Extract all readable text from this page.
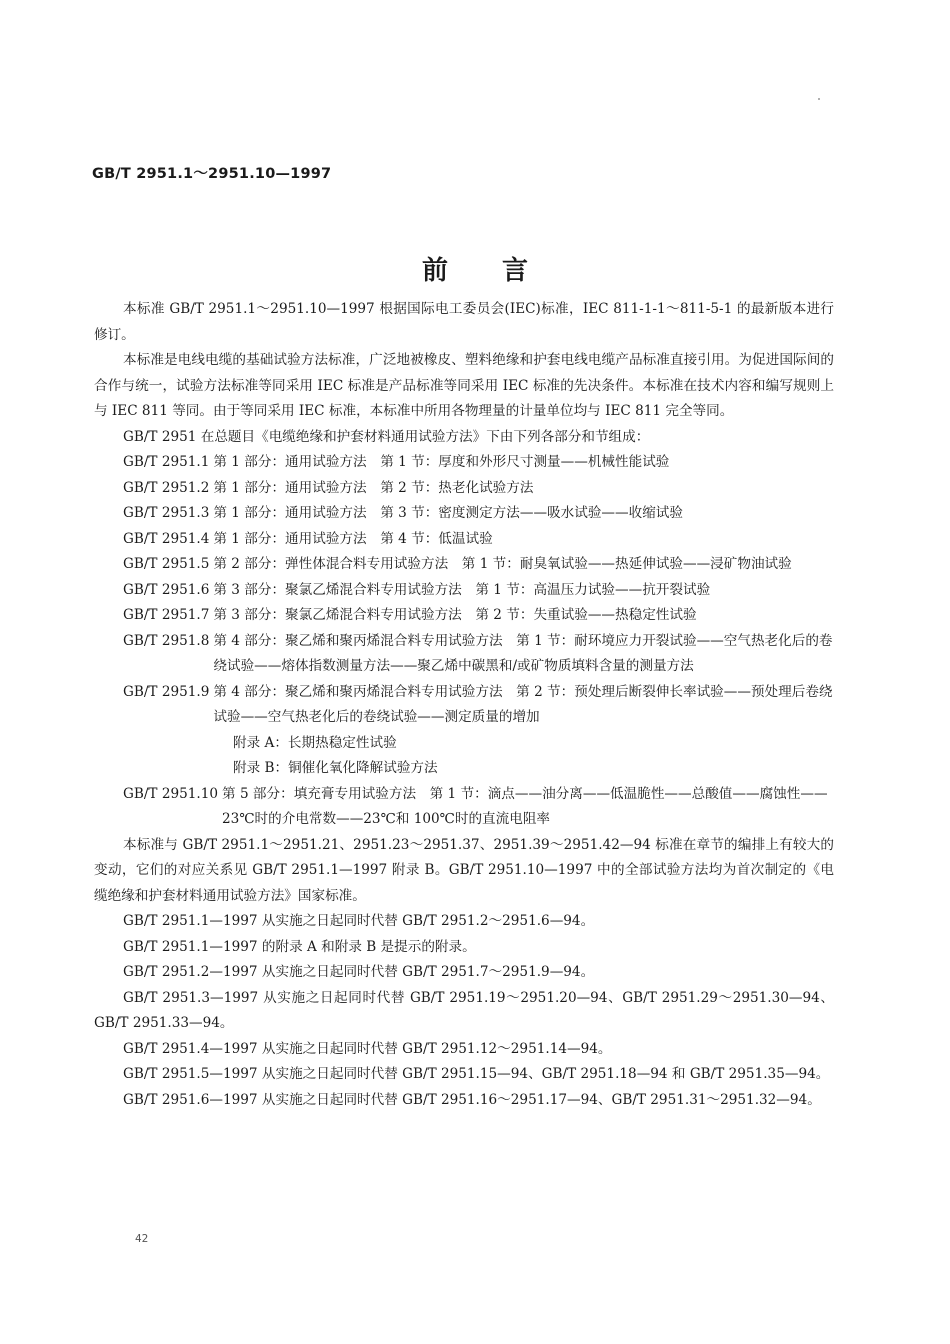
GB/T 2951.1～2951.10—1997
前言
本标准 GB/T 2951.1～2951.10—1997 根据国际电工委员会(IEC)标准，IEC 811-1-1～811-5-1 的最新版本进行修订。
本标准是电线电缆的基础试验方法标准，广泛地被橡皮、塑料绝缘和护套电线电缆产品标准直接引用。为促进国际间的合作与统一，试验方法标准等同采用 IEC 标准是产品标准等同采用 IEC 标准的先决条件。本标准在技术内容和编写规则上与 IEC 811 等同。由于等同采用 IEC 标准，本标准中所用各物理量的计量单位均与 IEC 811 完全等同。
GB/T 2951 在总题目《电缆绝缘和护套材料通用试验方法》下由下列各部分和节组成：
GB/T 2951.1 第 1 部分：通用试验方法　第 1 节：厚度和外形尺寸测量——机械性能试验
GB/T 2951.2 第 1 部分：通用试验方法　第 2 节：热老化试验方法
GB/T 2951.3 第 1 部分：通用试验方法　第 3 节：密度测定方法——吸水试验——收缩试验
GB/T 2951.4 第 1 部分：通用试验方法　第 4 节：低温试验
GB/T 2951.5 第 2 部分：弹性体混合料专用试验方法　第 1 节：耐臭氧试验——热延伸试验——浸矿物油试验
GB/T 2951.6 第 3 部分：聚氯乙烯混合料专用试验方法　第 1 节：高温压力试验——抗开裂试验
GB/T 2951.7 第 3 部分：聚氯乙烯混合料专用试验方法　第 2 节：失重试验——热稳定性试验
GB/T 2951.8 第 4 部分：聚乙烯和聚丙烯混合料专用试验方法　第 1 节：耐环境应力开裂试验——空气热老化后的卷绕试验——熔体指数测量方法——聚乙烯中碳黑和/或矿物质填料含量的测量方法
GB/T 2951.9 第 4 部分：聚乙烯和聚丙烯混合料专用试验方法　第 2 节：预处理后断裂伸长率试验——预处理后卷绕试验——空气热老化后的卷绕试验——测定质量的增加
附录 A：长期热稳定性试验
附录 B：铜催化氧化降解试验方法
GB/T 2951.10 第 5 部分：填充膏专用试验方法　第 1 节：滴点——油分离——低温脆性——总酸值——腐蚀性——23℃时的介电常数——23℃和 100℃时的直流电阻率
本标准与 GB/T 2951.1～2951.21、2951.23～2951.37、2951.39～2951.42—94 标准在章节的编排上有较大的变动，它们的对应关系见 GB/T 2951.1—1997 附录 B。GB/T 2951.10—1997 中的全部试验方法均为首次制定的《电缆绝缘和护套材料通用试验方法》国家标准。
GB/T 2951.1—1997 从实施之日起同时代替 GB/T 2951.2～2951.6—94。
GB/T 2951.1—1997 的附录 A 和附录 B 是提示的附录。
GB/T 2951.2—1997 从实施之日起同时代替 GB/T 2951.7～2951.9—94。
GB/T 2951.3—1997 从实施之日起同时代替 GB/T 2951.19～2951.20—94、GB/T 2951.29～2951.30—94、GB/T 2951.33—94。
GB/T 2951.4—1997 从实施之日起同时代替 GB/T 2951.12～2951.14—94。
GB/T 2951.5—1997 从实施之日起同时代替 GB/T 2951.15—94、GB/T 2951.18—94 和 GB/T 2951.35—94。
GB/T 2951.6—1997 从实施之日起同时代替 GB/T 2951.16～2951.17—94、GB/T 2951.31～2951.32—94。
42
